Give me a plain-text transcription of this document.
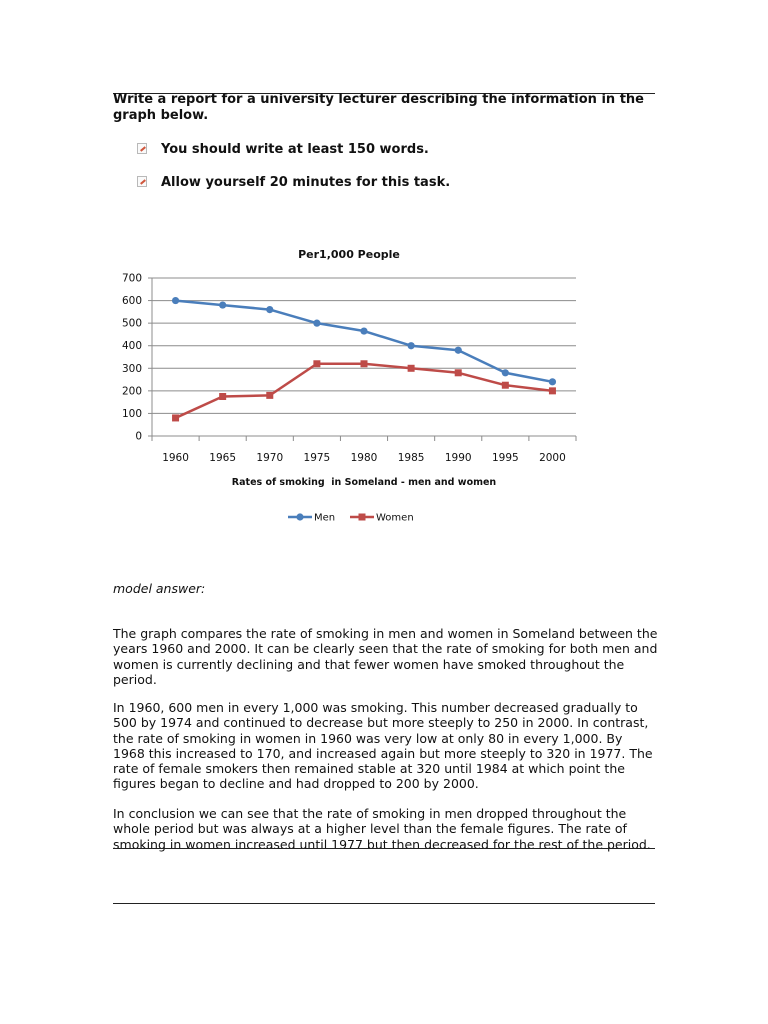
Write a report for a university lecturer describing the information in the graph below.
You should write at least 150 words.
Allow yourself 20 minutes for this task.
Per1,000 People
0
100
200
300
400
500
600
700
1960 1965 1970 1975 1980 1985 1990 1995 2000
Rates of smoking  in Someland - men and women
Men	Women
model answer:
The graph compares the rate of smoking in men and women in Someland between the years 1960 and 2000. It can be clearly seen that the rate of smoking for both men and women is currently declining and that fewer women have smoked throughout the period.
In 1960, 600 men in every 1,000 was smoking. This number decreased gradually to 500 by 1974 and continued to decrease but more steeply to 250 in 2000. In contrast, the rate of smoking in women in 1960 was very low at only 80 in every 1,000. By 1968 this increased to 170, and increased again but more steeply to 320 in 1977. The rate of female smokers then remained stable at 320 until 1984 at which point the figures began to decline and had dropped to 200 by 2000.
In conclusion we can see that the rate of smoking in men dropped throughout the whole period but was always at a higher level than the female figures. The rate of smoking in women increased until 1977 but then decreased for the rest of the period.
